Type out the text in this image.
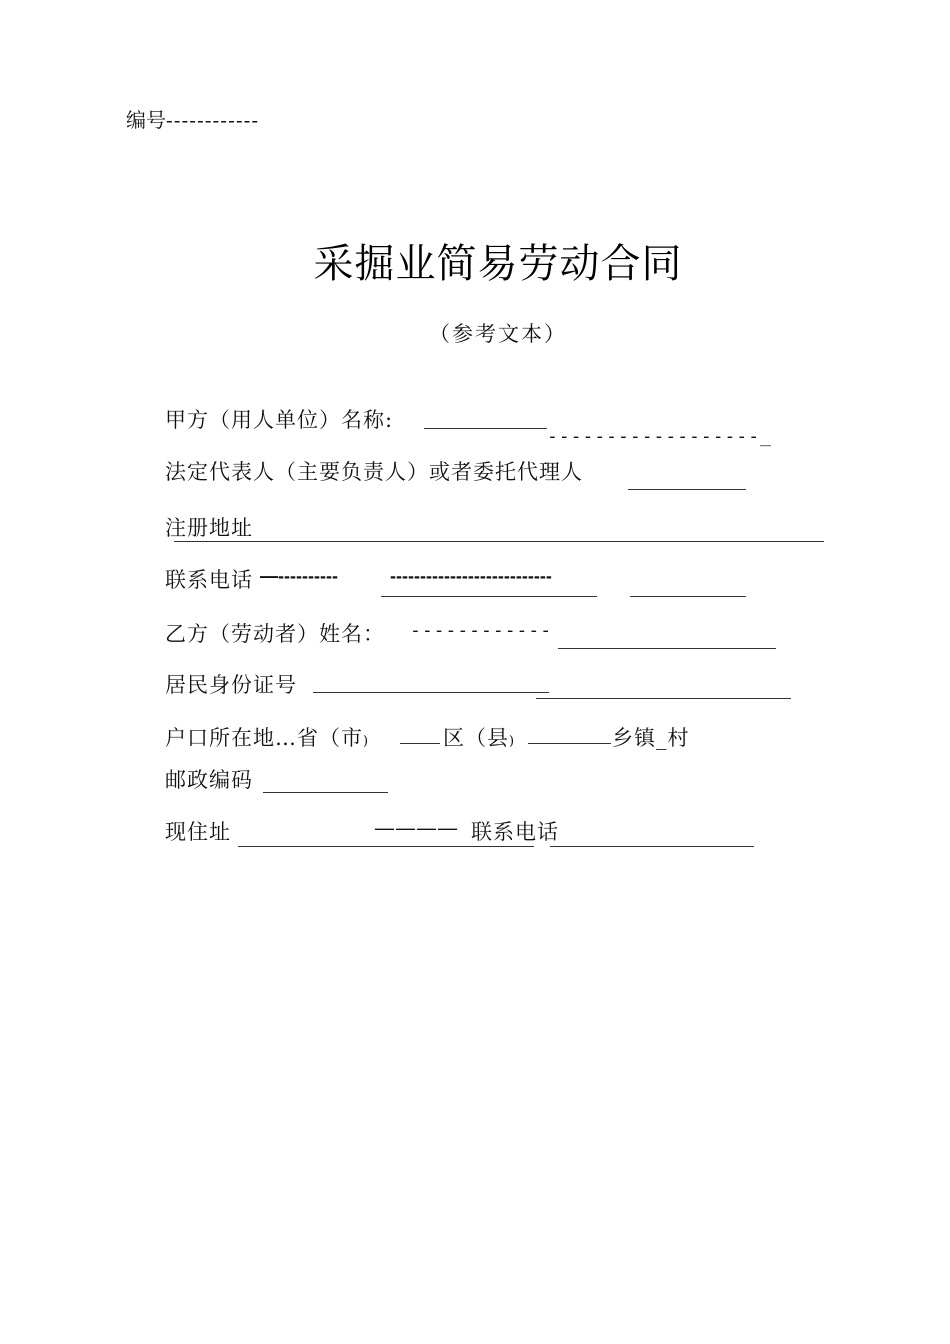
编号------------
采掘业简易劳动合同
（参考文本）
甲方（用人单位）名称:
------------------_
法定代表人（主要负责人）或者委托代理人
注册地址
联系电话 —----------	---------------------------
乙方（劳动者）姓名： ------------
居民身份证号
户口所在地…省（市)	区（县)	乡镇_村
邮政编码
现住址	———— 联系电话
